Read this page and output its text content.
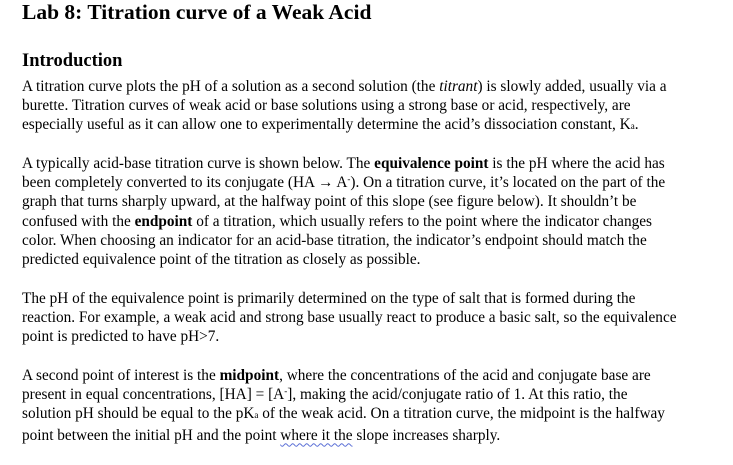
Lab 8: Titration curve of a Weak Acid
Introduction

A titration curve plots the pH of a solution as a second solution (the titrant) is slowly added, usually via a
burette. Titration curves of weak acid or base solutions using a strong base or acid, respectively, are
especially useful as it can allow one to experimentally determine the acid’s dissociation constant, Ka.

A typically acid-base titration curve is shown below. The equivalence point is the pH where the acid has
been completely converted to its conjugate (HA → A-). On a titration curve, it’s located on the part of the
graph that turns sharply upward, at the halfway point of this slope (see figure below). It shouldn’t be
confused with the endpoint of a titration, which usually refers to the point where the indicator changes
color. When choosing an indicator for an acid-base titration, the indicator’s endpoint should match the
predicted equivalence point of the titration as closely as possible.

The pH of the equivalence point is primarily determined on the type of salt that is formed during the
reaction. For example, a weak acid and strong base usually react to produce a basic salt, so the equivalence
point is predicted to have pH>7.

A second point of interest is the midpoint, where the concentrations of the acid and conjugate base are
present in equal concentrations, [HA] = [A-], making the acid/conjugate ratio of 1. At this ratio, the
solution pH should be equal to the pKa of the weak acid. On a titration curve, the midpoint is the halfway
point between the initial pH and the point where it the slope increases sharply.
